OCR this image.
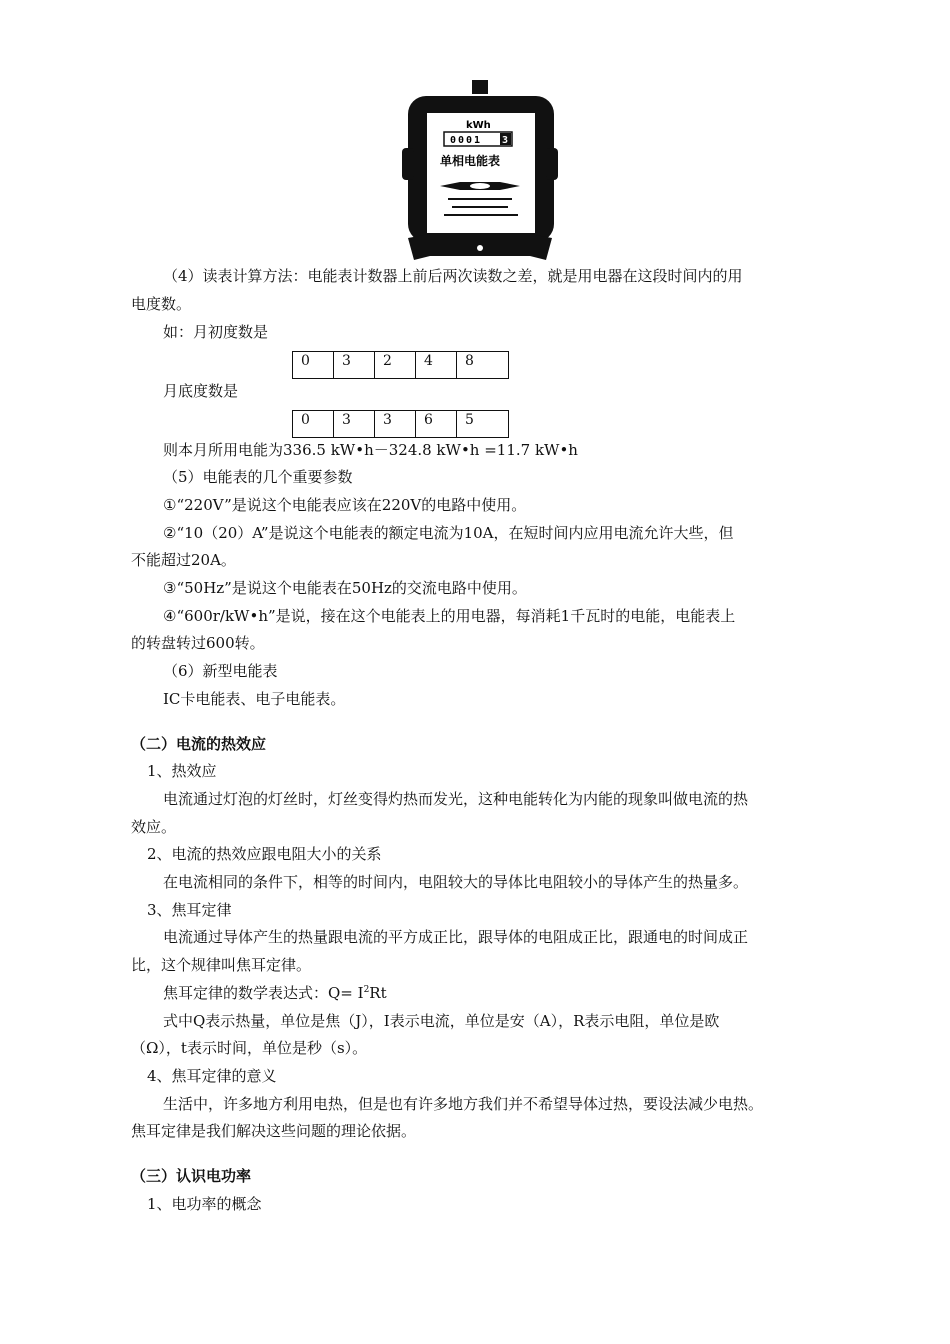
kWh
0001 3
单相电能表
（4）读表计算方法：电能表计数器上前后两次读数之差，就是用电器在这段时间内的用
电度数。
如：月初度数是
0	3	2	4	8
月底度数是
0	3	3	6	5
则本月所用电能为336.5 kW•h－324.8 kW•h =11.7 kW•h
（5）电能表的几个重要参数
①“220V”是说这个电能表应该在220V的电路中使用。
②“10（20）A”是说这个电能表的额定电流为10A，在短时间内应用电流允许大些，但
不能超过20A。
③“50Hz”是说这个电能表在50Hz的交流电路中使用。
④“600r/kW•h”是说，接在这个电能表上的用电器，每消耗1千瓦时的电能，电能表上
的转盘转过600转。
（6）新型电能表
IC卡电能表、电子电能表。
（二）电流的热效应
1、热效应
电流通过灯泡的灯丝时，灯丝变得灼热而发光，这种电能转化为内能的现象叫做电流的热
效应。
2、电流的热效应跟电阻大小的关系
在电流相同的条件下，相等的时间内，电阻较大的导体比电阻较小的导体产生的热量多。
3、焦耳定律
电流通过导体产生的热量跟电流的平方成正比，跟导体的电阻成正比，跟通电的时间成正
比，这个规律叫焦耳定律。
焦耳定律的数学表达式：$Q= I^2Rt$
式中Q表示热量，单位是焦（J），I表示电流，单位是安（A），R表示电阻，单位是欧
（Ω），t表示时间，单位是秒（s）。
4、焦耳定律的意义
生活中，许多地方利用电热，但是也有许多地方我们并不希望导体过热，要设法减少电热。
焦耳定律是我们解决这些问题的理论依据。
（三）认识电功率
1、电功率的概念
